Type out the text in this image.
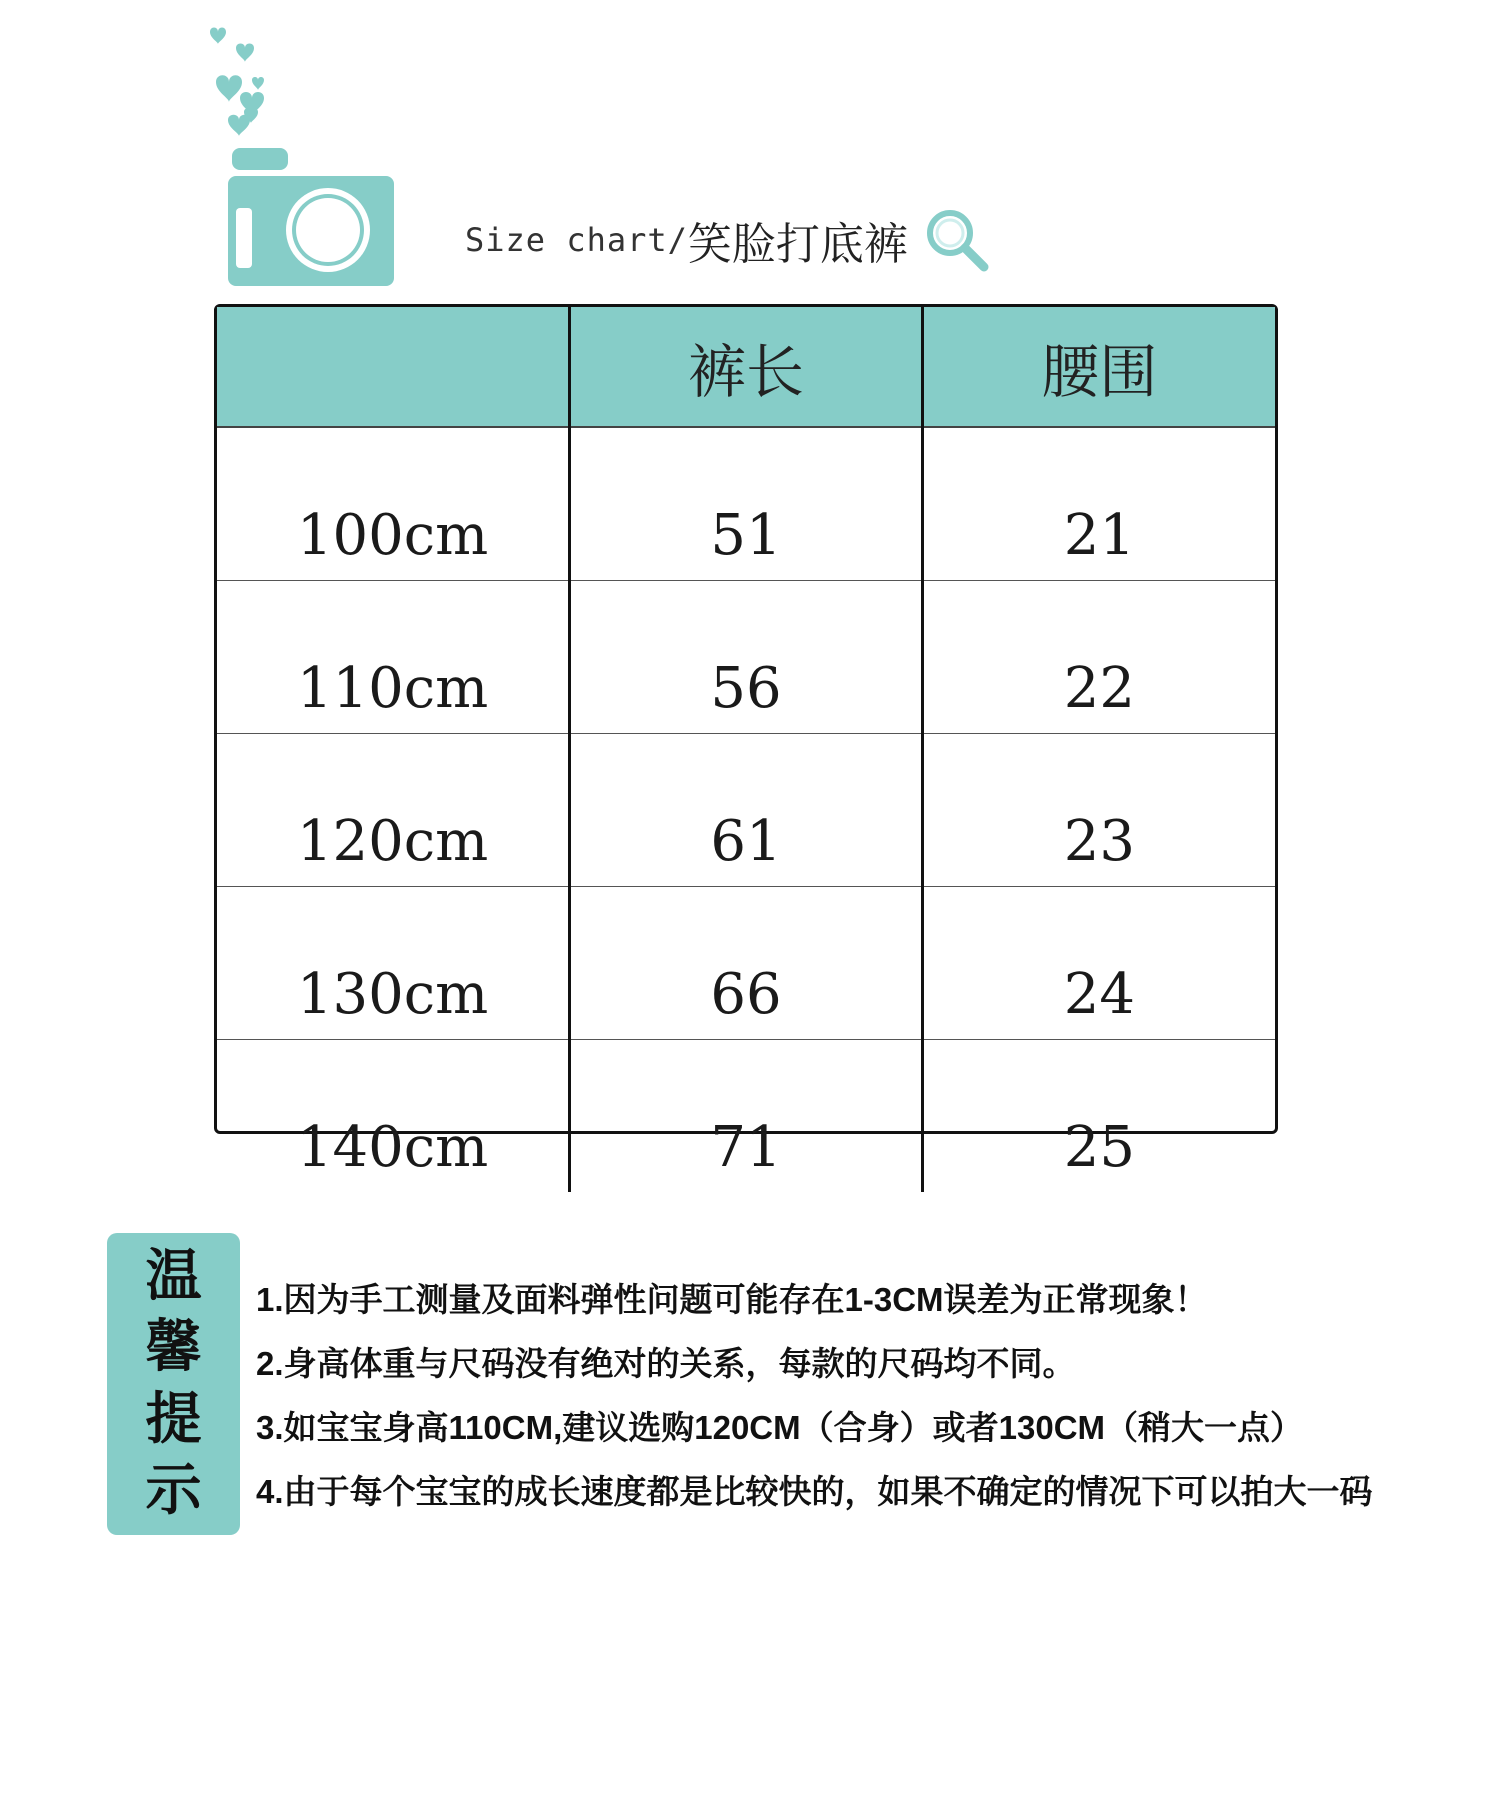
Size chart/ 笑脸打底裤
	裤长	腰围
100cm	51	21
110cm	56	22
120cm	61	23
130cm	66	24
140cm	71	25
温
馨
提
示
1.因为手工测量及面料弹性问题可能存在1-3CM误差为正常现象！
2.身高体重与尺码没有绝对的关系，每款的尺码均不同。
3.如宝宝身高110CM,建议选购120CM（合身）或者130CM（稍大一点）
4.由于每个宝宝的成长速度都是比较快的，如果不确定的情况下可以拍大一码
